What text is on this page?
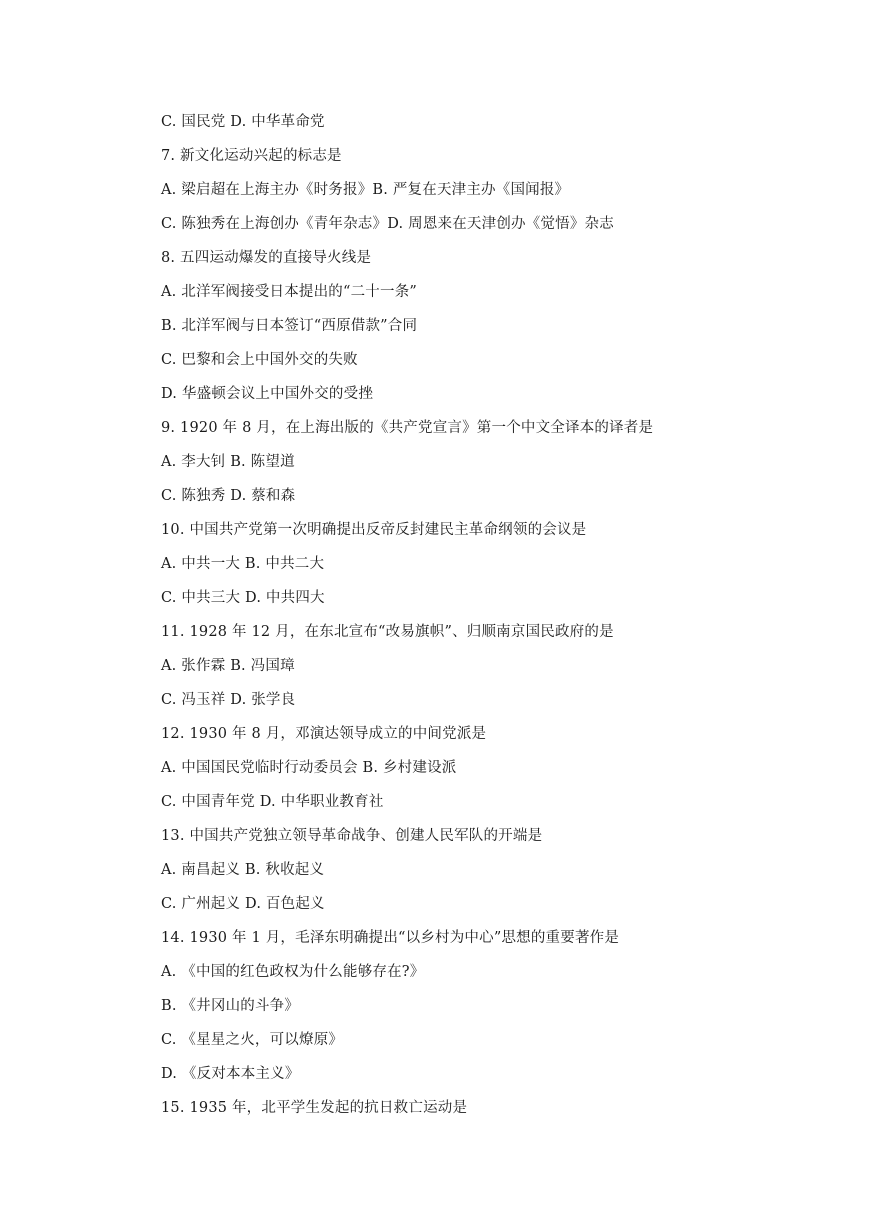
C. 国民党 D. 中华革命党
7. 新文化运动兴起的标志是
A. 梁启超在上海主办《时务报》B. 严复在天津主办《国闻报》
C. 陈独秀在上海创办《青年杂志》D. 周恩来在天津创办《觉悟》杂志
8. 五四运动爆发的直接导火线是
A. 北洋军阀接受日本提出的“二十一条”
B. 北洋军阀与日本签订“西原借款”合同
C. 巴黎和会上中国外交的失败
D. 华盛顿会议上中国外交的受挫
9. 1920 年 8 月，在上海出版的《共产党宣言》第一个中文全译本的译者是
A. 李大钊 B. 陈望道
C. 陈独秀 D. 蔡和森
10. 中国共产党第一次明确提出反帝反封建民主革命纲领的会议是
A. 中共一大 B. 中共二大
C. 中共三大 D. 中共四大
11. 1928 年 12 月，在东北宣布“改易旗帜”、归顺南京国民政府的是
A. 张作霖 B. 冯国璋
C. 冯玉祥 D. 张学良
12. 1930 年 8 月，邓演达领导成立的中间党派是
A. 中国国民党临时行动委员会 B. 乡村建设派
C. 中国青年党 D. 中华职业教育社
13. 中国共产党独立领导革命战争、创建人民军队的开端是
A. 南昌起义 B. 秋收起义
C. 广州起义 D. 百色起义
14. 1930 年 1 月，毛泽东明确提出“以乡村为中心”思想的重要著作是
A. 《中国的红色政权为什么能够存在?》
B. 《井冈山的斗争》
C. 《星星之火，可以燎原》
D. 《反对本本主义》
15. 1935 年，北平学生发起的抗日救亡运动是
